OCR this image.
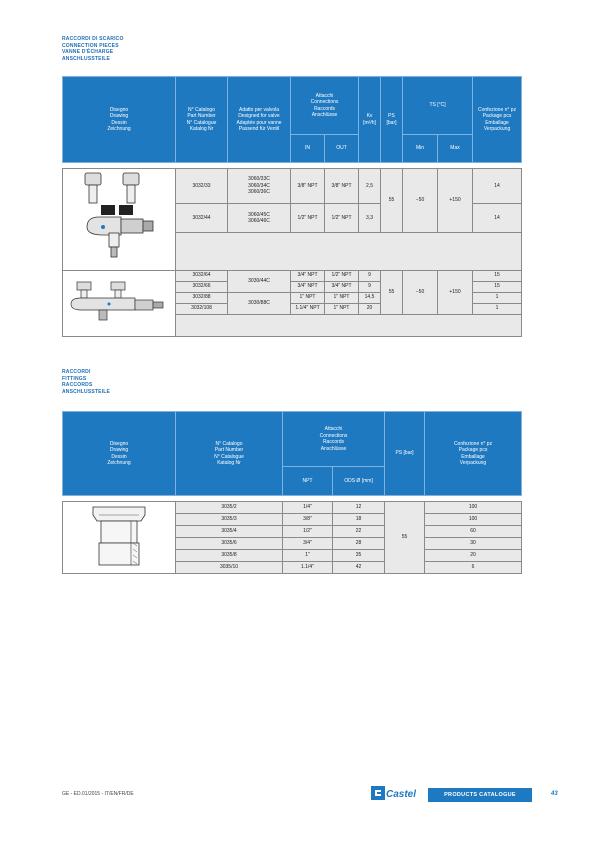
RACCORDI DI SCARICO
CONNECTION PIECES
VANNE D'ÉCHARGE
ANSCHLUSSTEILE
Disegno
Drawing
Dessin
Zeichnung	N° Catalogo
Part Number
N° Catalogue
Katalog Nr	Adatto per valvola
Designed for valve
Adaptée pour vanne
Passend für Ventil	Attacchi
Connections
Raccords
Anschlüsse		Kv
[m³/h]	PS
[bar]	TS [°C]		Confezione n° pz
Package pcs
Emballage
Verpackung
			IN	OUT			Min	Max	

	3032/33	3060/33C
3060/34C
3060/36C	3/8" NPT	3/8" NPT	2,5	55	−50	+150	14
	3032/44	3060/45C
3060/46C	1/2" NPT	1/2" NPT	3,3				14

	3032/64	3030/44C	3/4" NPT	1/2" NPT	9	55	−50	+150	15
	3032/66		3/4" NPT	3/4" NPT	9				15
	3032/88	3030/88C	1" NPT	1" NPT	14,5				1
	3032/108		1.1/4" NPT	1" NPT	20				1

RACCORDI
FITTINGS
RACCORDS
ANSCHLUSSTEILE
Disegno
Drawing
Dessin
Zeichnung	N° Catalogo
Part Number
N° Catalogue
Katalog Nr	Attacchi
Connections
Raccords
Anschlüsse		PS [bar]	Confezione n° pz
Package pcs
Emballage
Verpackung
		NPT	ODS Ø [mm]		

	3035/2	1/4"	12	55	100
	3035/3	3/8"	18		100
	3035/4	1/2"	22		60
	3035/6	3/4"	28		30
	3035/8	1"	35		20
	3035/10	1.1/4"	42		6
GE - ED.01/2015 - IT/EN/FR/DE	Castel	PRODUCTS CATALOGUE	43
